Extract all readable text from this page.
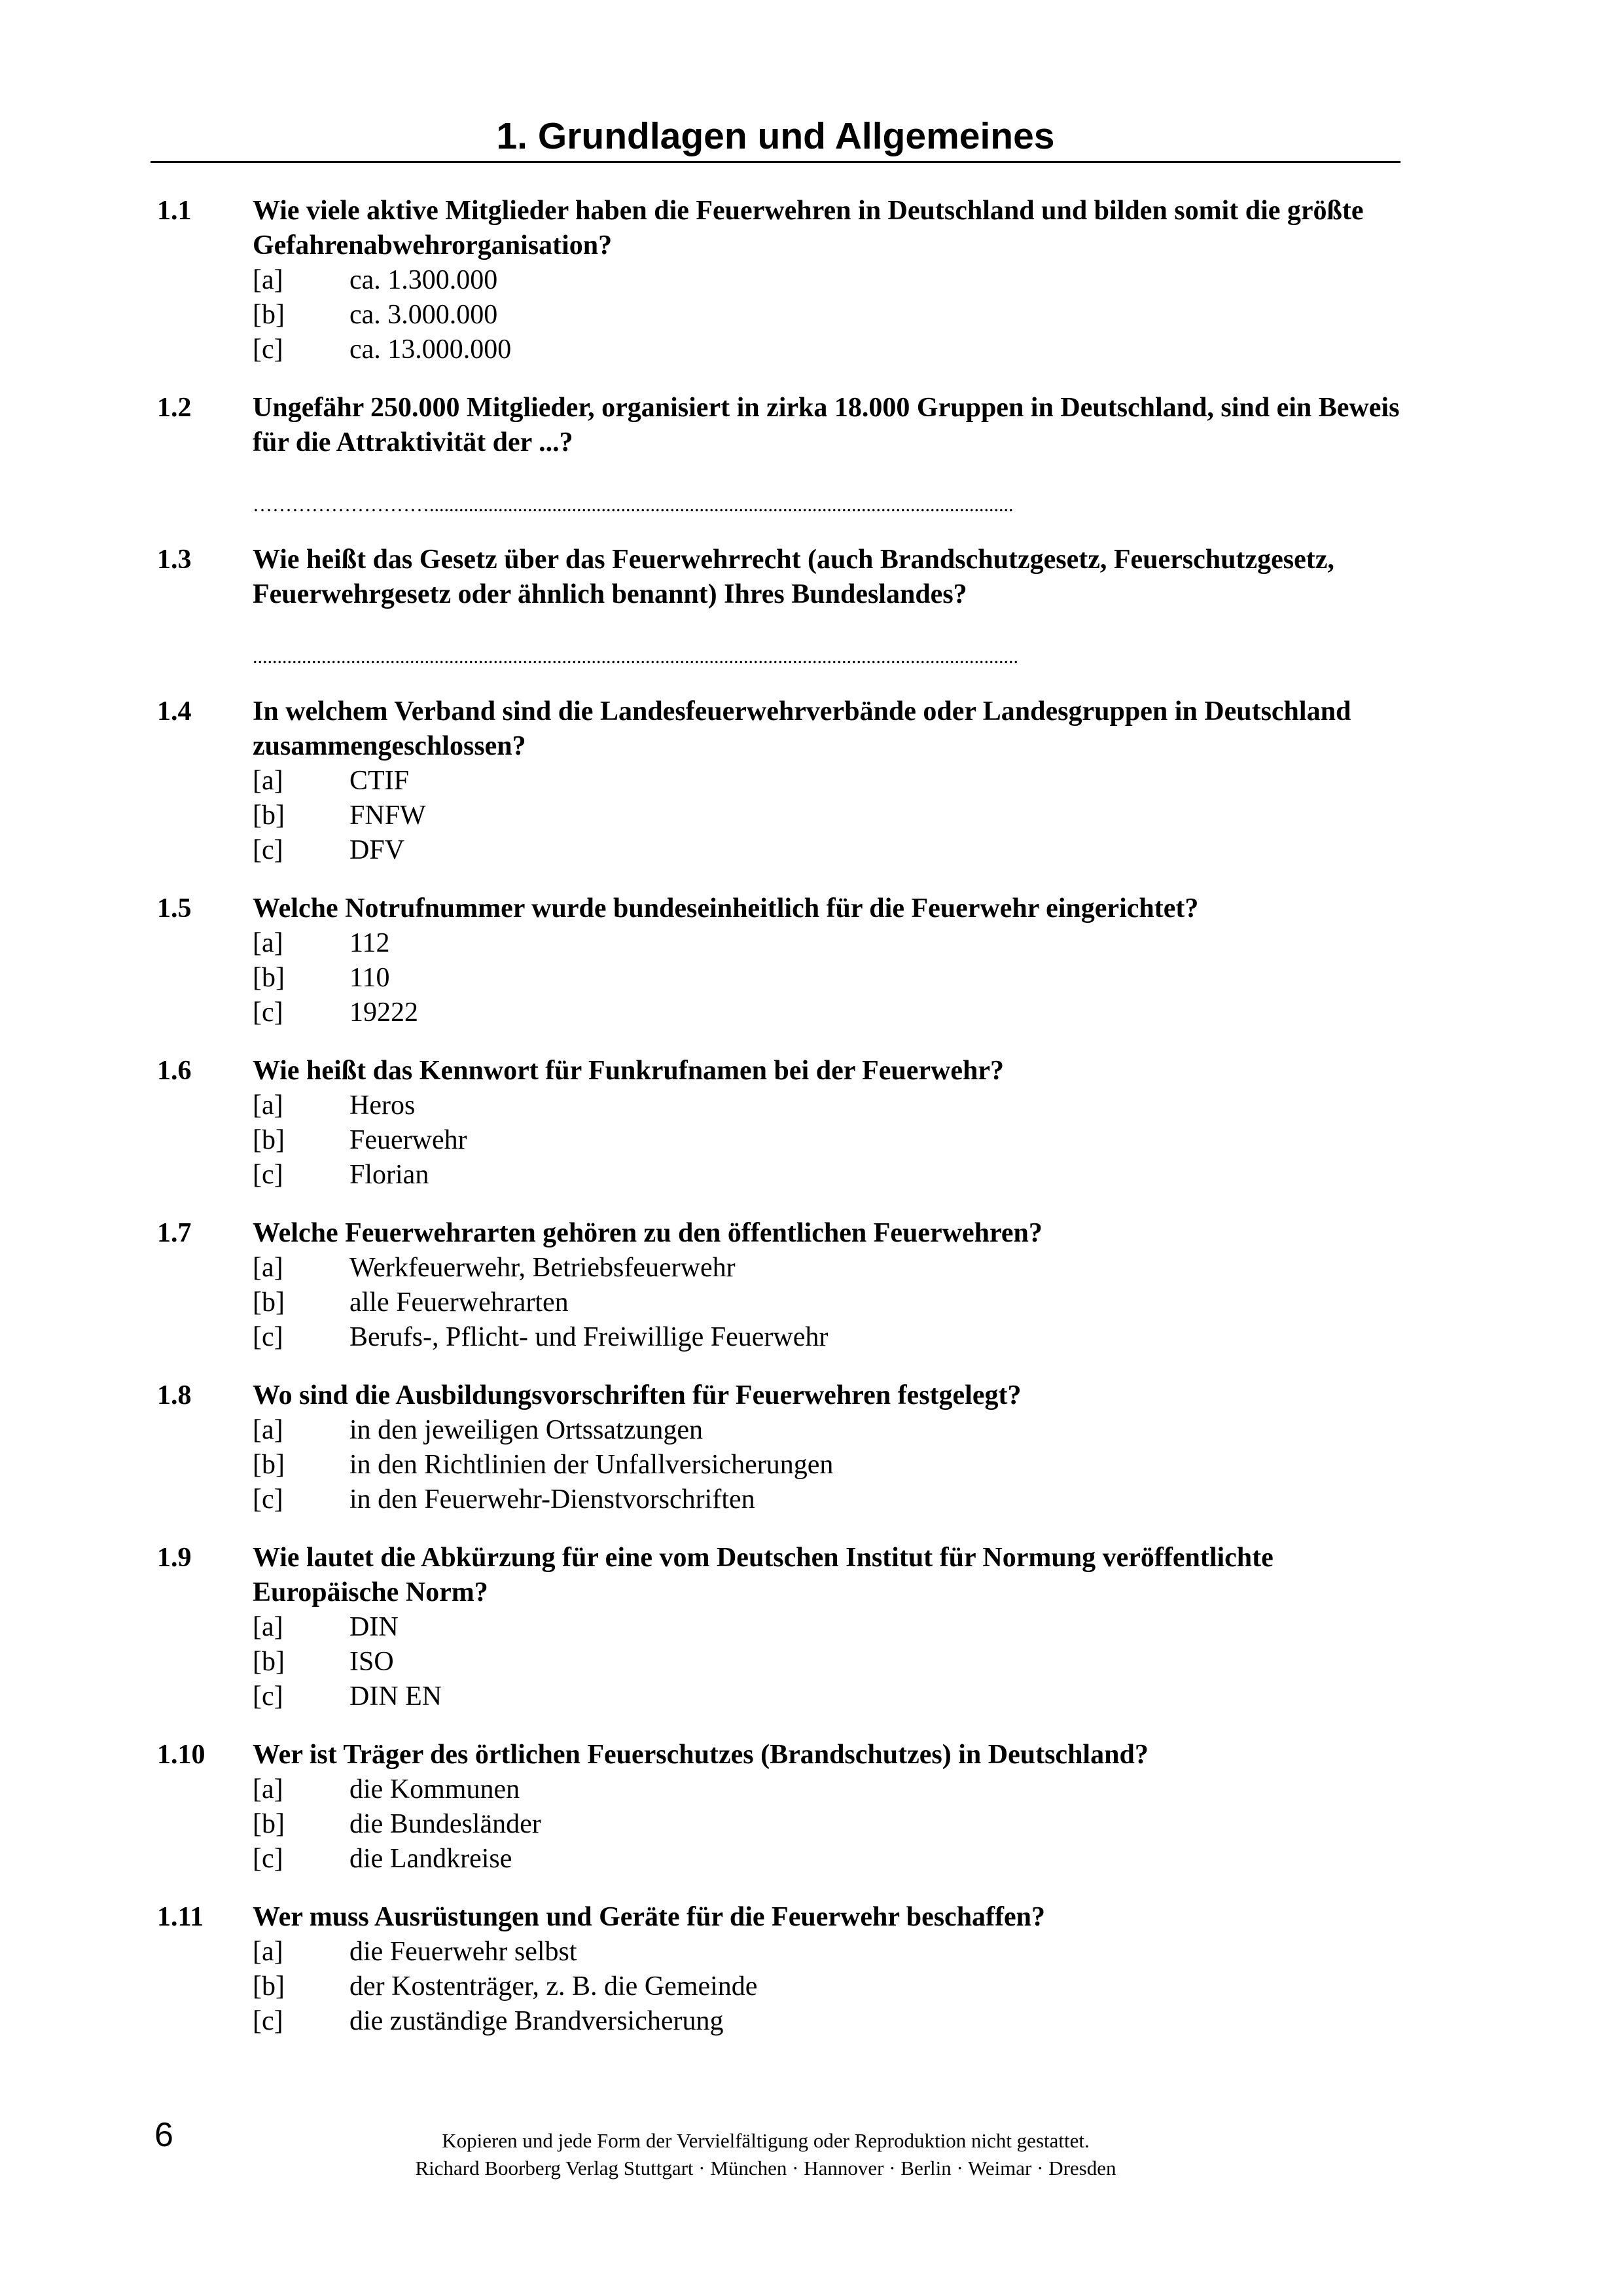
1. Grundlagen und Allgemeines
1.1	Wie viele aktive Mitglieder haben die Feuerwehren in Deutschland und bilden somit die größte Gefahrenabwehrorganisation?
[a]	ca. 1.300.000
[b]	ca. 3.000.000
[c]	ca. 13.000.000
1.2	Ungefähr 250.000 Mitglieder, organisiert in zirka 18.000 Gruppen in Deutschland, sind ein Beweis für die Attraktivität der ...?
……………………….......................................................................................................................
1.3	Wie heißt das Gesetz über das Feuerwehrrecht (auch Brandschutzgesetz, Feuerschutzgesetz, Feuerwehrgesetz oder ähnlich benannt) Ihres Bundeslandes?
............................................................................................................................................................
1.4	In welchem Verband sind die Landesfeuerwehrverbände oder Landesgruppen in Deutschland zusammengeschlossen?
[a]	CTIF
[b]	FNFW
[c]	DFV
1.5	Welche Notrufnummer wurde bundeseinheitlich für die Feuerwehr eingerichtet?
[a]	112
[b]	110
[c]	19222
1.6	Wie heißt das Kennwort für Funkrufnamen bei der Feuerwehr?
[a]	Heros
[b]	Feuerwehr
[c]	Florian
1.7	Welche Feuerwehrarten gehören zu den öffentlichen Feuerwehren?
[a]	Werkfeuerwehr, Betriebsfeuerwehr
[b]	alle Feuerwehrarten
[c]	Berufs-, Pflicht- und Freiwillige Feuerwehr
1.8	Wo sind die Ausbildungsvorschriften für Feuerwehren festgelegt?
[a]	in den jeweiligen Ortssatzungen
[b]	in den Richtlinien der Unfallversicherungen
[c]	in den Feuerwehr-Dienstvorschriften
1.9	Wie lautet die Abkürzung für eine vom Deutschen Institut für Normung veröffentlichte Europäische Norm?
[a]	DIN
[b]	ISO
[c]	DIN EN
1.10	Wer ist Träger des örtlichen Feuerschutzes (Brandschutzes) in Deutschland?
[a]	die Kommunen
[b]	die Bundesländer
[c]	die Landkreise
1.11	Wer muss Ausrüstungen und Geräte für die Feuerwehr beschaffen?
[a]	die Feuerwehr selbst
[b]	der Kostenträger, z. B. die Gemeinde
[c]	die zuständige Brandversicherung
6	Kopieren und jede Form der Vervielfältigung oder Reproduktion nicht gestattet.
Richard Boorberg Verlag Stuttgart · München · Hannover · Berlin · Weimar · Dresden
